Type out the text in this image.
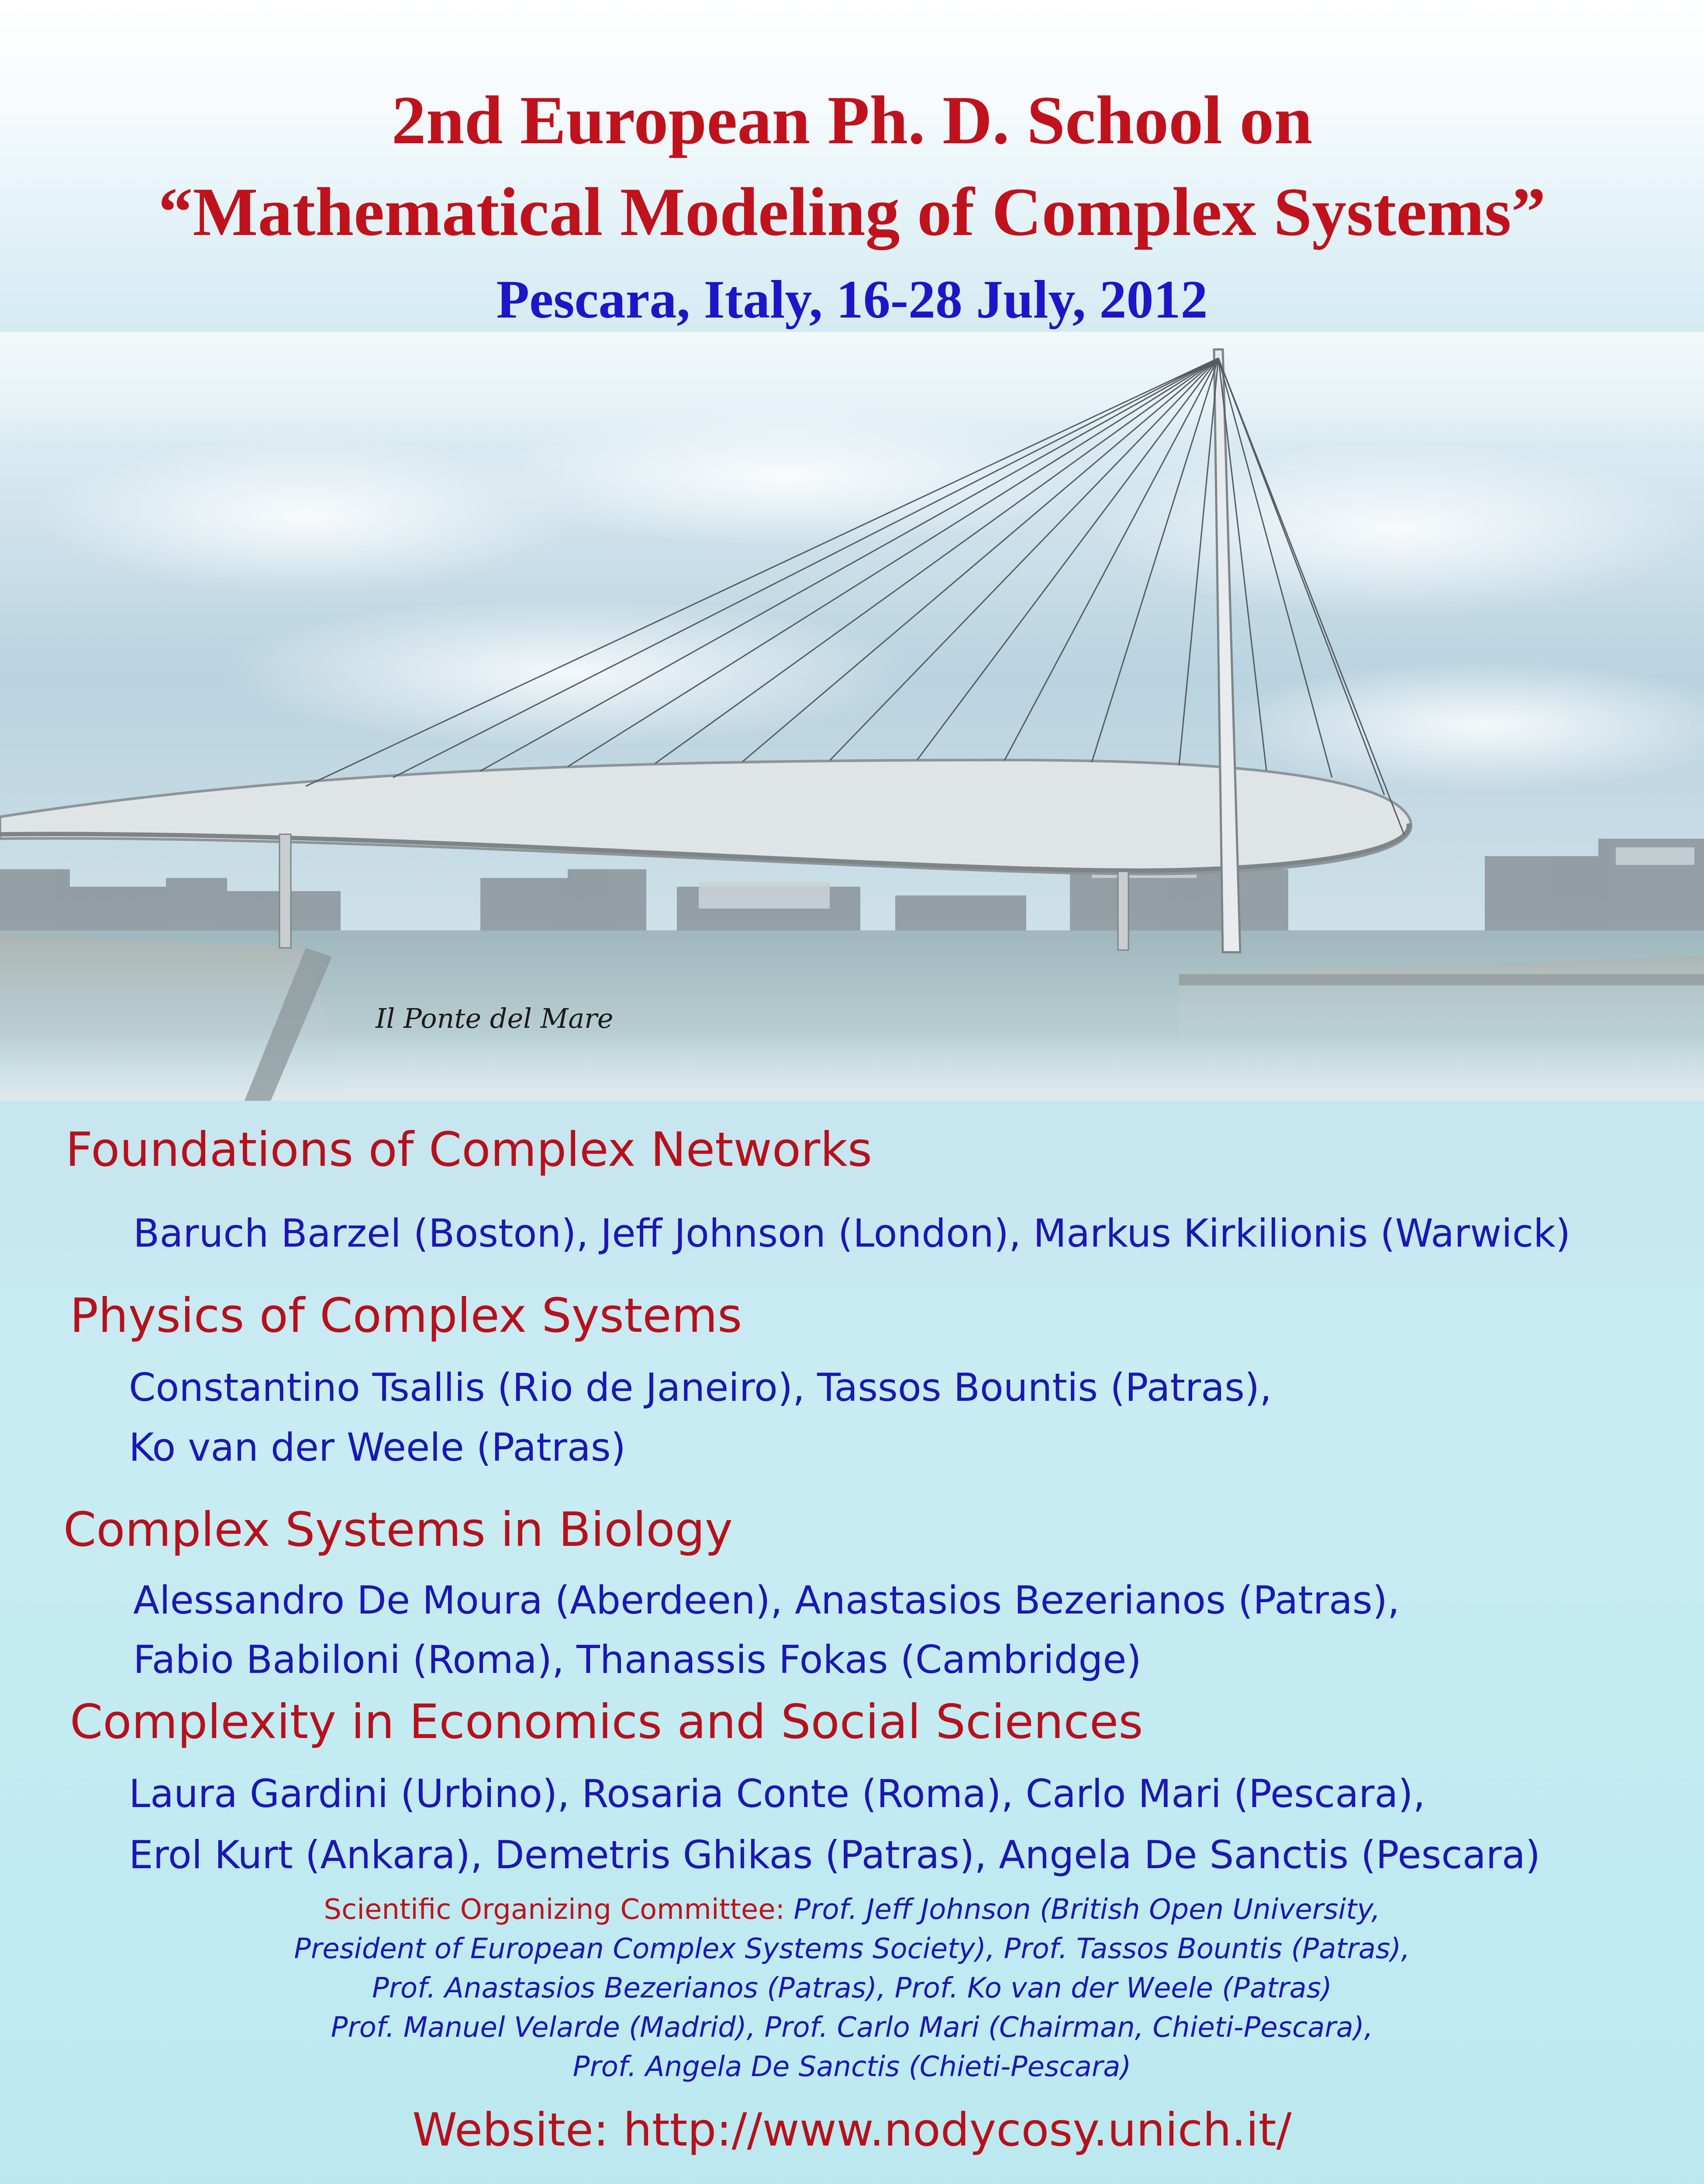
2nd European Ph. D. School on
“Mathematical Modeling of Complex Systems”
Pescara, Italy, 16-28 July, 2012
Il Ponte del Mare
Foundations of Complex Networks
Baruch Barzel (Boston), Jeff Johnson (London), Markus Kirkilionis (Warwick)
Physics of Complex Systems
Constantino Tsallis (Rio de Janeiro), Tassos Bountis (Patras),
Ko van der Weele (Patras)
Complex Systems in Biology
Alessandro De Moura (Aberdeen), Anastasios Bezerianos (Patras),
Fabio Babiloni (Roma), Thanassis Fokas (Cambridge)
Complexity in Economics and Social Sciences
Laura Gardini (Urbino), Rosaria Conte (Roma), Carlo Mari (Pescara),
Erol Kurt (Ankara), Demetris Ghikas (Patras), Angela De Sanctis (Pescara)
Scientific Organizing Committee: Prof. Jeff Johnson (British Open University,
President of European Complex Systems Society), Prof. Tassos Bountis (Patras),
Prof. Anastasios Bezerianos (Patras), Prof. Ko van der Weele (Patras)
Prof. Manuel Velarde (Madrid), Prof. Carlo Mari (Chairman, Chieti-Pescara),
Prof. Angela De Sanctis (Chieti-Pescara)
Website: http://www.nodycosy.unich.it/
